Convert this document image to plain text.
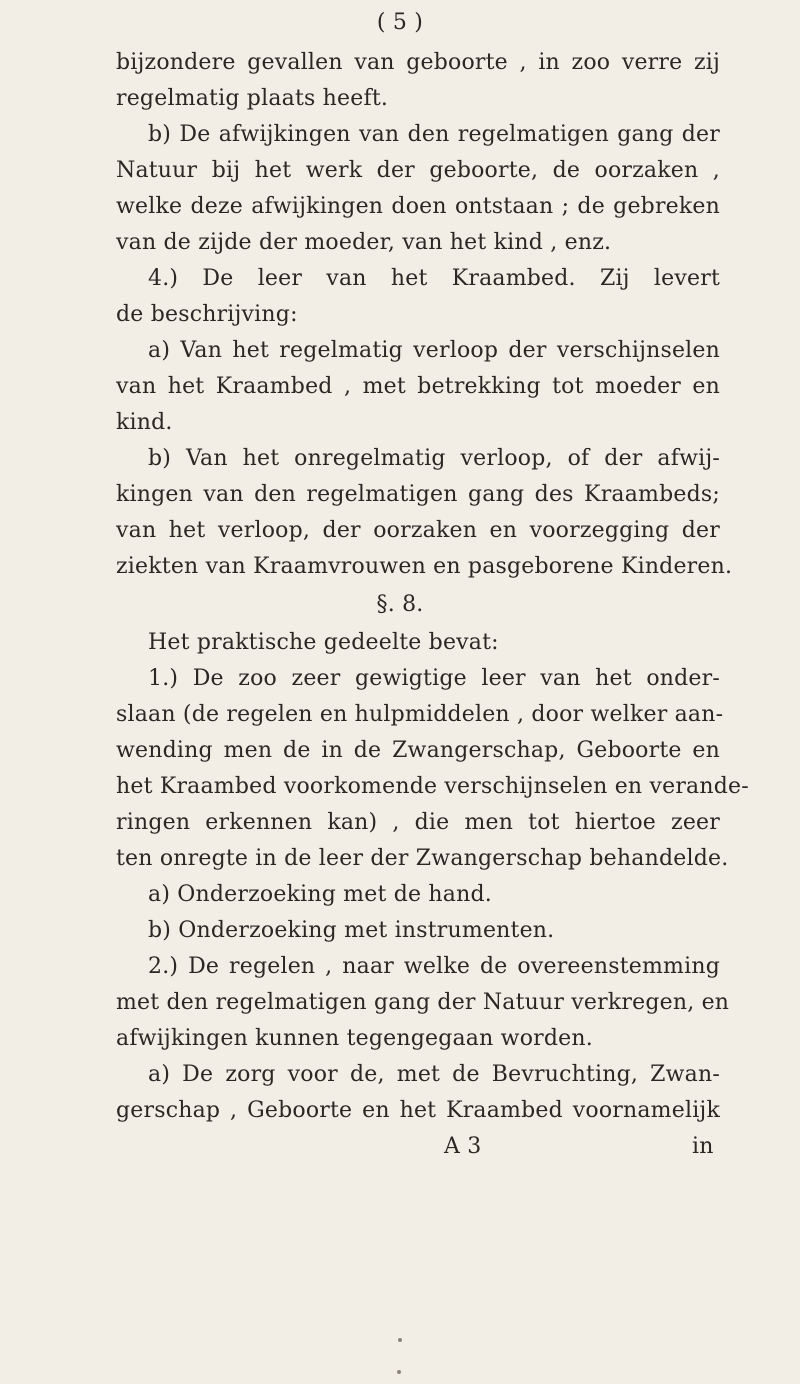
( 5 )
bijzondere gevallen van geboorte , in zoo verre zij
regelmatig plaats heeft.
b) De afwijkingen van den regelmatigen gang der
Natuur bij het werk der geboorte, de oorzaken ,
welke deze afwijkingen doen ontstaan ; de gebreken
van de zijde der moeder, van het kind , enz.
4.) De leer van het Kraambed. Zij levert
de beschrijving:
a) Van het regelmatig verloop der verschijnselen
van het Kraambed , met betrekking tot moeder en
kind.
b) Van het onregelmatig verloop, of der afwij-
kingen van den regelmatigen gang des Kraambeds;
van het verloop, der oorzaken en voorzegging der
ziekten van Kraamvrouwen en pasgeborene Kinderen.
§. 8.
Het praktische gedeelte bevat:
1.) De zoo zeer gewigtige leer van het onder-
slaan (de regelen en hulpmiddelen , door welker aan-
wending men de in de Zwangerschap, Geboorte en
het Kraambed voorkomende verschijnselen en verande-
ringen erkennen kan) , die men tot hiertoe zeer
ten onregte in de leer der Zwangerschap behandelde.
a) Onderzoeking met de hand.
b) Onderzoeking met instrumenten.
2.) De regelen , naar welke de overeenstemming
met den regelmatigen gang der Natuur verkregen, en
afwijkingen kunnen tegengegaan worden.
a) De zorg voor de, met de Bevruchting, Zwan-
gerschap , Geboorte en het Kraambed voornamelijk
A 3	in
